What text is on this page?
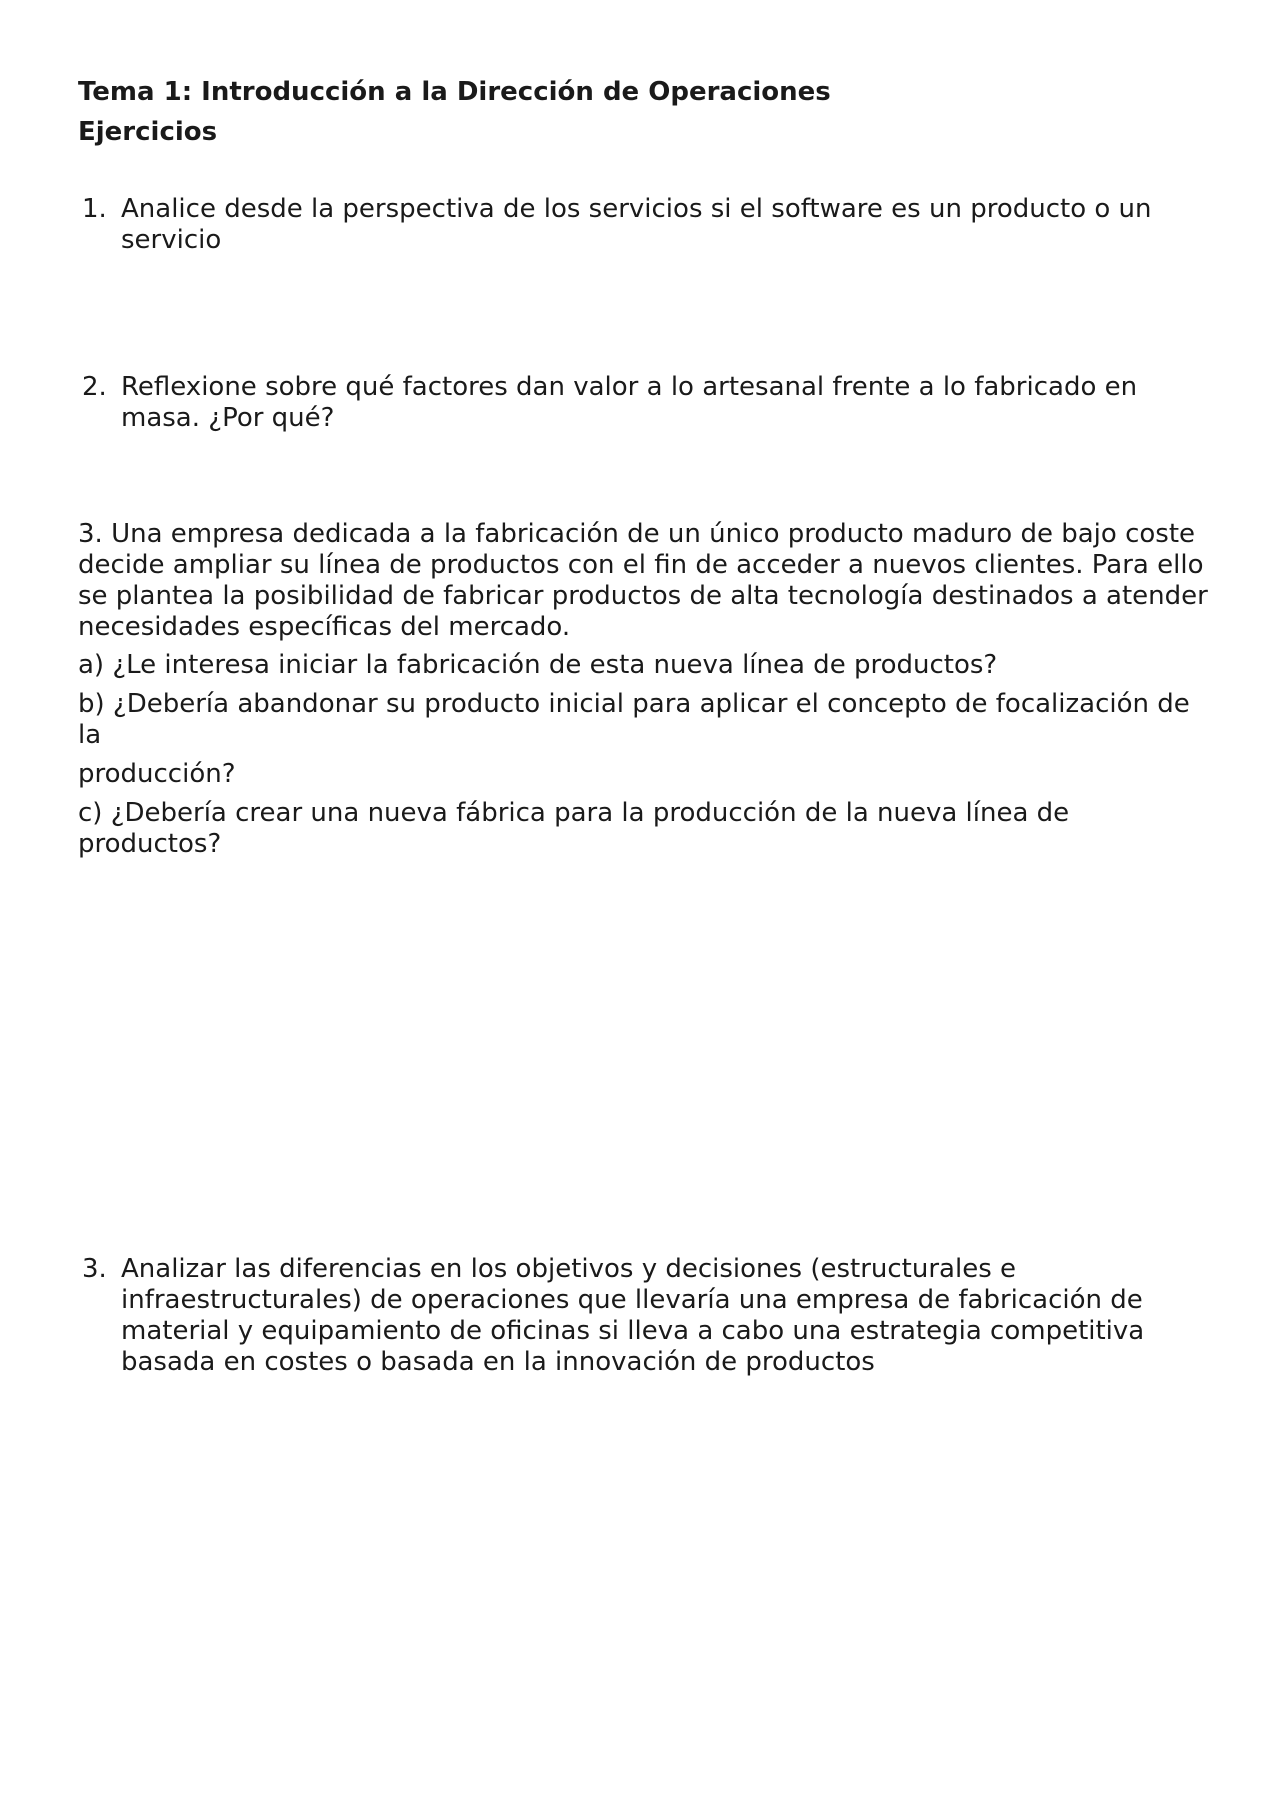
Tema 1: Introducción a la Dirección de Operaciones

Ejercicios

1. Analice desde la perspectiva de los servicios si el software es un producto o un servicio
2. Reflexione sobre qué factores dan valor a lo artesanal frente a lo fabricado en masa. ¿Por qué?

3. Una empresa dedicada a la fabricación de un único producto maduro de bajo coste decide ampliar su línea de productos con el fin de acceder a nuevos clientes. Para ello se plantea la posibilidad de fabricar productos de alta tecnología destinados a atender necesidades específicas del mercado.

a) ¿Le interesa iniciar la fabricación de esta nueva línea de productos?

b) ¿Debería abandonar su producto inicial para aplicar el concepto de focalización de la

producción?

c) ¿Debería crear una nueva fábrica para la producción de la nueva línea de productos?

3. Analizar las diferencias en los objetivos y decisiones (estructurales e infraestructurales) de operaciones que llevaría una empresa de fabricación de material y equipamiento de oficinas si lleva a cabo una estrategia competitiva basada en costes o basada en la innovación de productos
